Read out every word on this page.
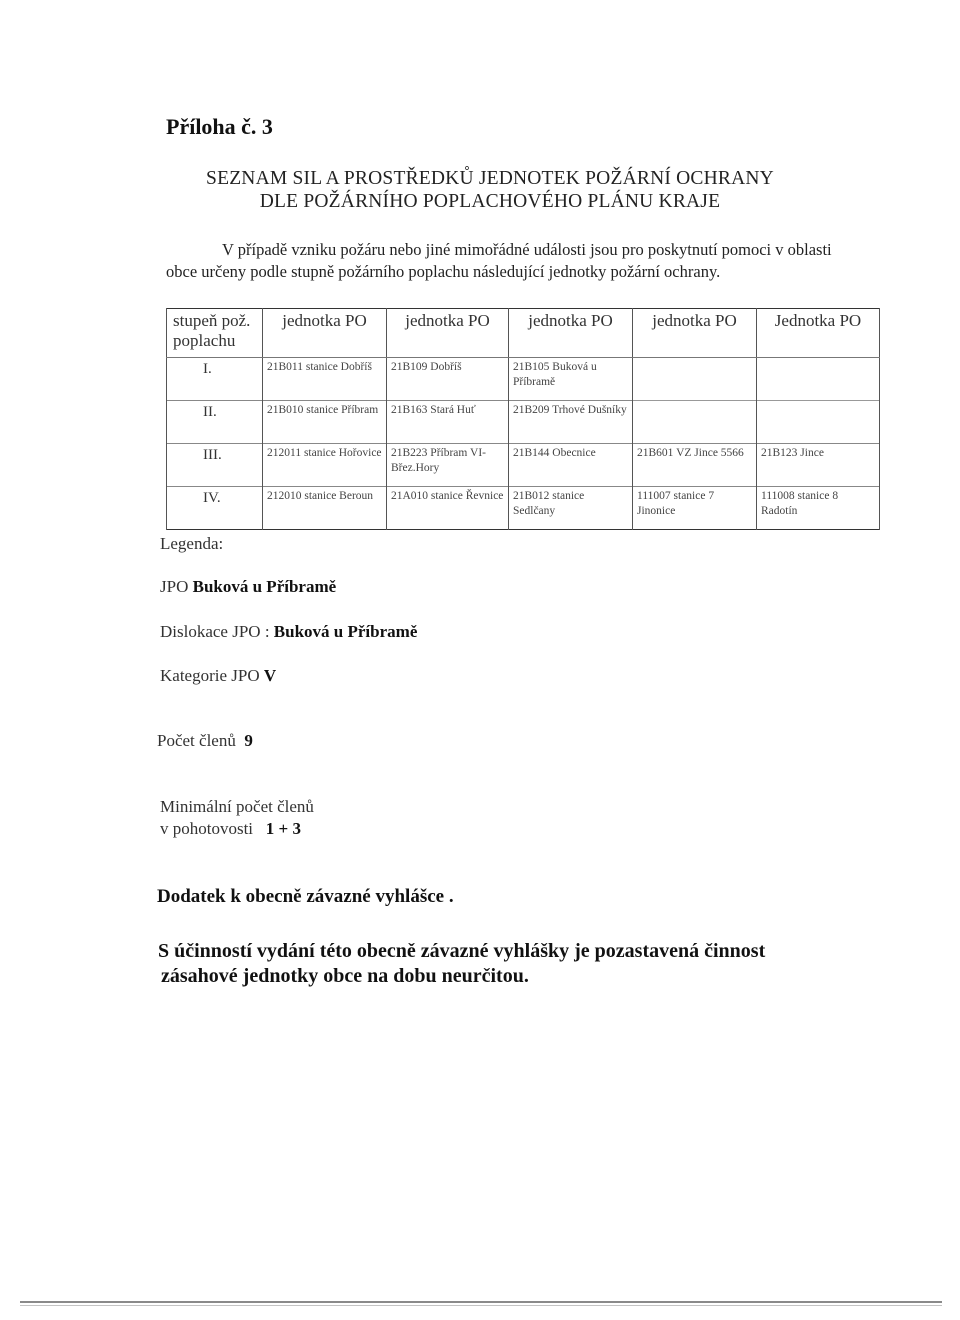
Příloha č. 3
SEZNAM SIL A PROSTŘEDKŮ JEDNOTEK POŽÁRNÍ OCHRANY
DLE POŽÁRNÍHO POPLACHOVÉHO PLÁNU KRAJE
V případě vzniku požáru nebo jiné mimořádné události jsou pro poskytnutí pomoci v oblasti obce určeny podle stupně požárního poplachu následující jednotky požární ochrany.
stupeň pož. poplachu	jednotka PO	jednotka PO	jednotka PO	jednotka PO	Jednotka PO
I.	21B011 stanice Dobříš	21B109 Dobříš	21B105 Buková u Příbramě		
II.	21B010 stanice Příbram	21B163 Stará Huť	21B209 Trhové Dušníky		
III.	212011 stanice Hořovice	21B223 Příbram VI-Břez.Hory	21B144 Obecnice	21B601 VZ Jince 5566	21B123 Jince
IV.	212010 stanice Beroun	21A010 stanice Řevnice	21B012 stanice Sedlčany	111007 stanice 7 Jinonice	111008 stanice 8 Radotín
Legenda:
JPO Buková u Příbramě
Dislokace JPO : Buková u Příbramě
Kategorie JPO V
Počet členů 9
Minimální počet členů
v pohotovosti 1 + 3
Dodatek k obecně závazné vyhlášce .
S účinností vydání této obecně závazné vyhlášky je pozastavená činnost
zásahové jednotky obce na dobu neurčitou.
